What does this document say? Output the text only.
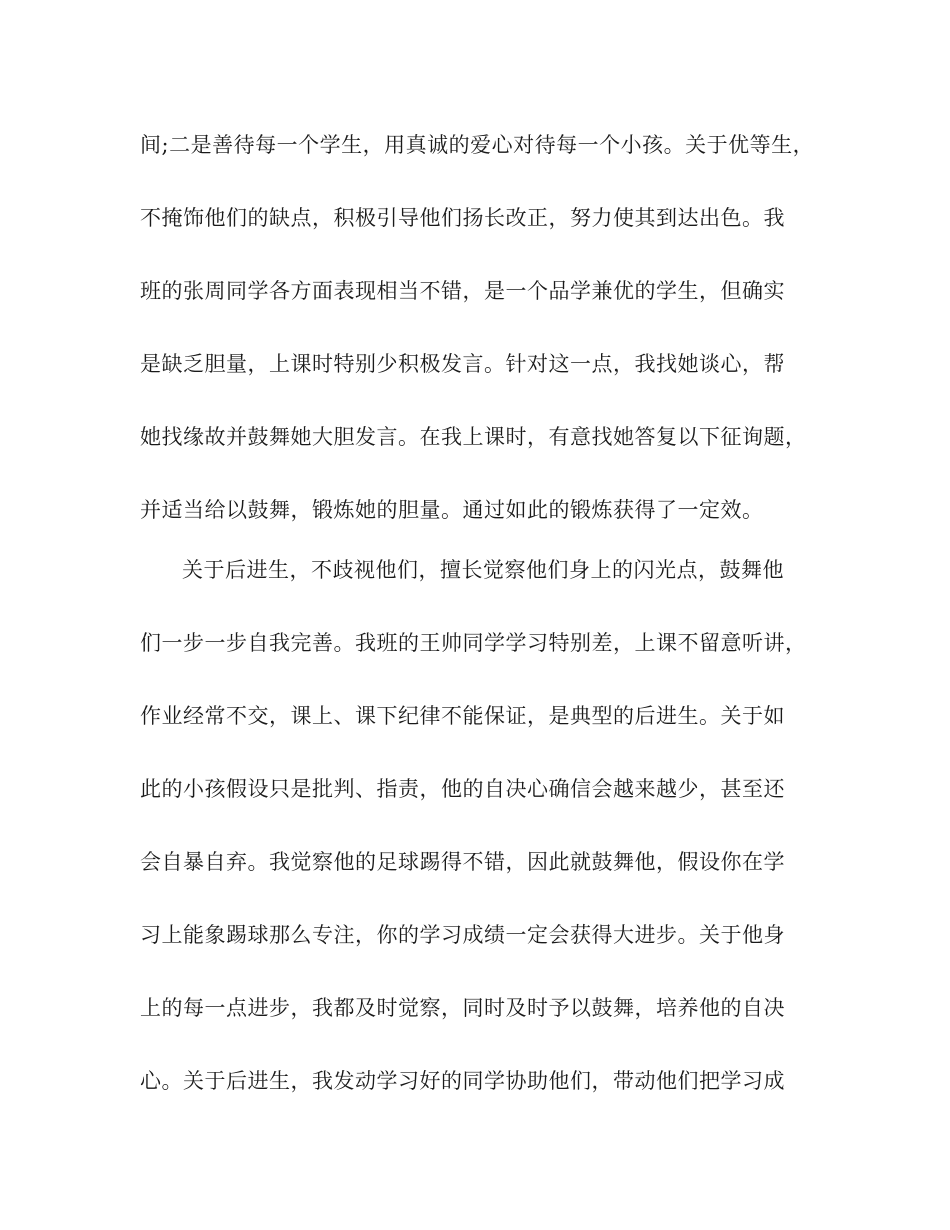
间;二是善待每一个学生，用真诚的爱心对待每一个小孩。关于优等生，
不掩饰他们的缺点，积极引导他们扬长改正，努力使其到达出色。我
班的张周同学各方面表现相当不错，是一个品学兼优的学生，但确实
是缺乏胆量，上课时特别少积极发言。针对这一点，我找她谈心，帮
她找缘故并鼓舞她大胆发言。在我上课时，有意找她答复以下征询题，
并适当给以鼓舞，锻炼她的胆量。通过如此的锻炼获得了一定效。
关于后进生，不歧视他们，擅长觉察他们身上的闪光点，鼓舞他
们一步一步自我完善。我班的王帅同学学习特别差，上课不留意听讲，
作业经常不交，课上、课下纪律不能保证，是典型的后进生。关于如
此的小孩假设只是批判、指责，他的自决心确信会越来越少，甚至还
会自暴自弃。我觉察他的足球踢得不错，因此就鼓舞他，假设你在学
习上能象踢球那么专注，你的学习成绩一定会获得大进步。关于他身
上的每一点进步，我都及时觉察，同时及时予以鼓舞，培养他的自决
心。关于后进生，我发动学习好的同学协助他们，带动他们把学习成
